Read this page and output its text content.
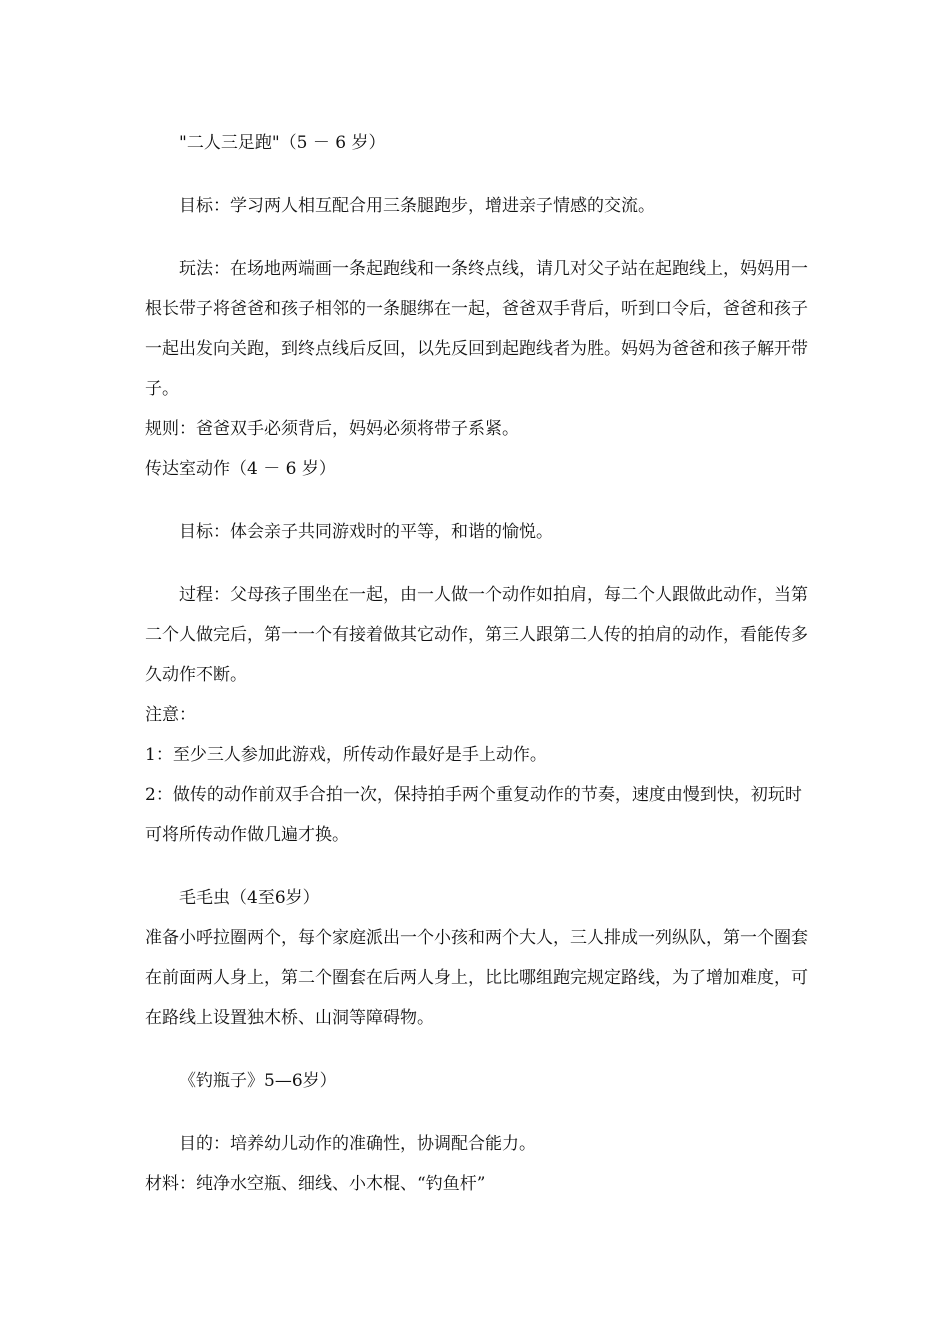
"二人三足跑"（5 － 6 岁）

目标：学习两人相互配合用三条腿跑步，增进亲子情感的交流。

玩法：在场地两端画一条起跑线和一条终点线，请几对父子站在起跑线上，妈妈用一根长带子将爸爸和孩子相邻的一条腿绑在一起，爸爸双手背后，听到口令后，爸爸和孩子一起出发向关跑，到终点线后反回，以先反回到起跑线者为胜。妈妈为爸爸和孩子解开带子。

规则：爸爸双手必须背后，妈妈必须将带子系紧。

传达室动作（4 － 6 岁）

目标：体会亲子共同游戏时的平等，和谐的愉悦。

过程：父母孩子围坐在一起，由一人做一个动作如拍肩，每二个人跟做此动作，当第二个人做完后，第一一个有接着做其它动作，第三人跟第二人传的拍肩的动作，看能传多久动作不断。

注意：

1：至少三人参加此游戏，所传动作最好是手上动作。

2：做传的动作前双手合拍一次，保持拍手两个重复动作的节奏，速度由慢到快，初玩时可将所传动作做几遍才换。

毛毛虫（4至6岁）

准备小呼拉圈两个，每个家庭派出一个小孩和两个大人，三人排成一列纵队，第一个圈套在前面两人身上，第二个圈套在后两人身上，比比哪组跑完规定路线，为了增加难度，可在路线上设置独木桥、山洞等障碍物。

《钓瓶子》5—6岁）

目的：培养幼儿动作的准确性，协调配合能力。

材料：纯净水空瓶、细线、小木棍、“钓鱼杆”
